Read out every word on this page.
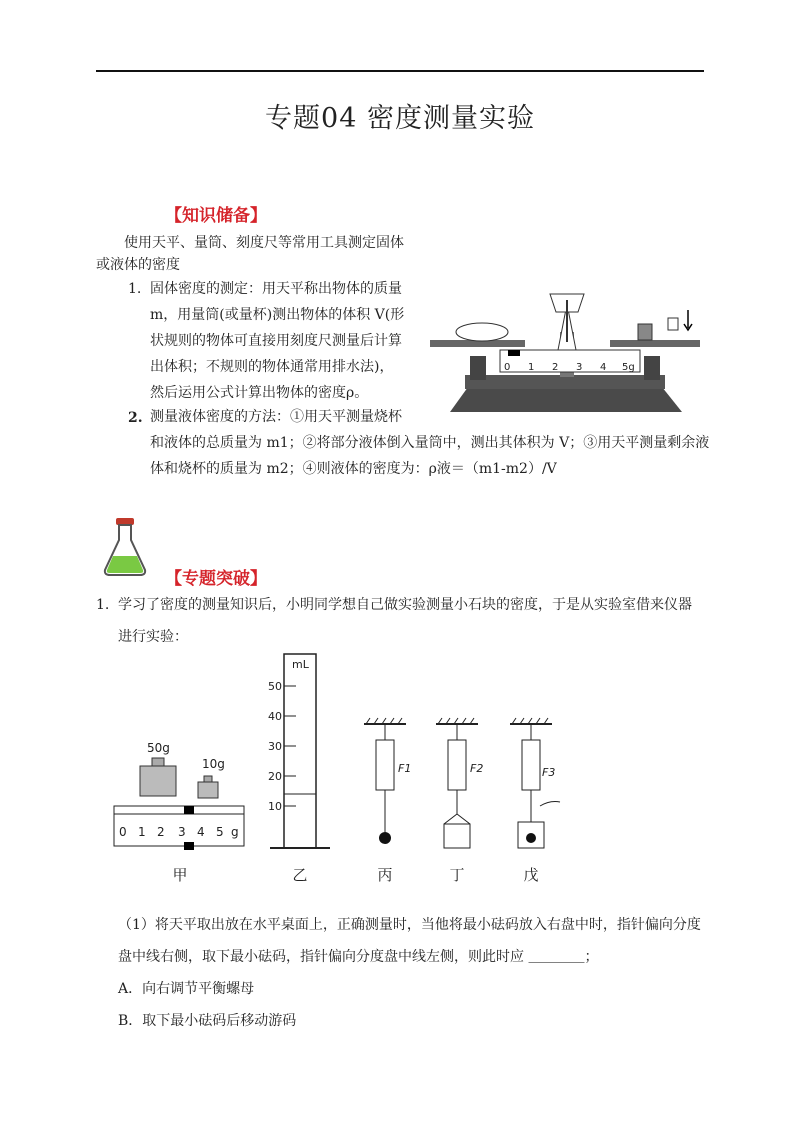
专题04 密度测量实验
【知识储备】
使用天平、量筒、刻度尺等常用工具测定固体
或液体的密度
1. 固体密度的测定：用天平称出物体的质量
m，用量筒(或量杯)测出物体的体积 V(形
状规则的物体可直接用刻度尺测量后计算
出体积；不规则的物体通常用排水法)，
然后运用公式计算出物体的密度ρ。
2. 测量液体密度的方法：①用天平测量烧杯
和液体的总质量为 m1；②将部分液体倒入量筒中，测出其体积为 V；③用天平测量剩余液
体和烧杯的质量为 m2；④则液体的密度为：ρ液＝（m1-m2）/V
0 1 2 3 4 5g
【专题突破】
1. 学习了密度的测量知识后，小明同学想自己做实验测量小石块的密度，于是从实验室借来仪器
进行实验：
50g
10g
0 1 2 3 4 5 g
mL
50
40
30
20
10
F1	F2	F3
甲	乙	丙	丁	戊
（1）将天平取出放在水平桌面上，正确测量时，当他将最小砝码放入右盘中时，指针偏向分度
盘中线右侧，取下最小砝码，指针偏向分度盘中线左侧，则此时应 ＿＿＿＿；
A．向右调节平衡螺母
B．取下最小砝码后移动游码
